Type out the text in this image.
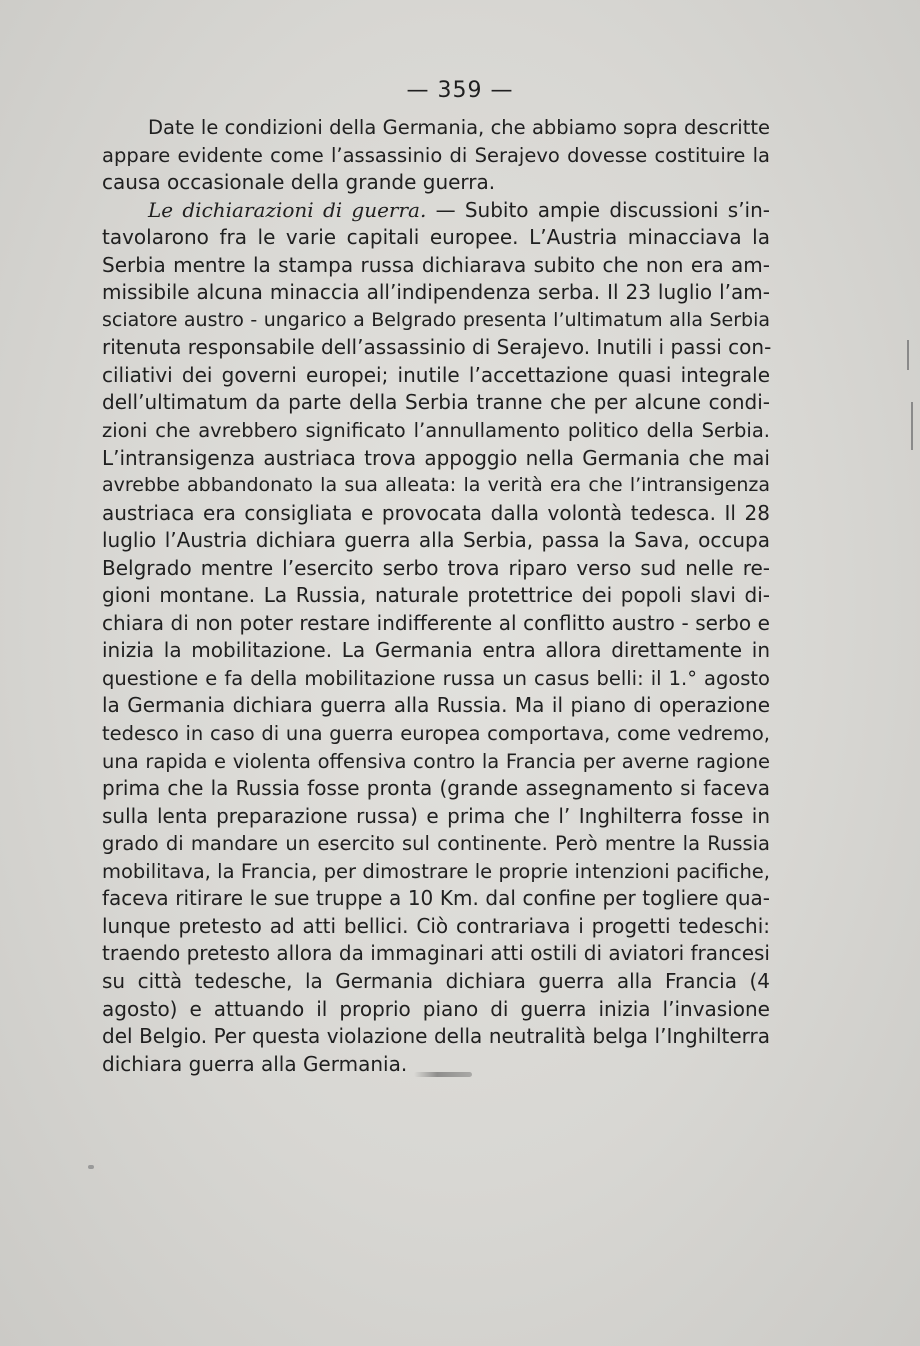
— 359 —
Date le condizioni della Germania, che abbiamo sopra descritte
appare evidente come l’assassinio di Serajevo dovesse costituire la
causa occasionale della grande guerra.
Le dichiarazioni di guerra. — Subito ampie discussioni s’in-
tavolarono fra le varie capitali europee. L’Austria minacciava la
Serbia mentre la stampa russa dichiarava subito che non era am-
missibile alcuna minaccia all’indipendenza serba. Il 23 luglio l’am-
sciatore austro - ungarico a Belgrado presenta l’ultimatum alla Serbia
ritenuta responsabile dell’assassinio di Serajevo. Inutili i passi con-
ciliativi dei governi europei; inutile l’accettazione quasi integrale
dell’ultimatum da parte della Serbia tranne che per alcune condi-
zioni che avrebbero significato l’annullamento politico della Serbia.
L’intransigenza austriaca trova appoggio nella Germania che mai
avrebbe abbandonato la sua alleata: la verità era che l’intransigenza
austriaca era consigliata e provocata dalla volontà tedesca. Il 28
luglio l’Austria dichiara guerra alla Serbia, passa la Sava, occupa
Belgrado mentre l’esercito serbo trova riparo verso sud nelle re-
gioni montane. La Russia, naturale protettrice dei popoli slavi di-
chiara di non poter restare indifferente al conflitto austro - serbo e
inizia la mobilitazione. La Germania entra allora direttamente in
questione e fa della mobilitazione russa un casus belli: il 1.° agosto
la Germania dichiara guerra alla Russia. Ma il piano di operazione
tedesco in caso di una guerra europea comportava, come vedremo,
una rapida e violenta offensiva contro la Francia per averne ragione
prima che la Russia fosse pronta (grande assegnamento si faceva
sulla lenta preparazione russa) e prima che l’ Inghilterra fosse in
grado di mandare un esercito sul continente. Però mentre la Russia
mobilitava, la Francia, per dimostrare le proprie intenzioni pacifiche,
faceva ritirare le sue truppe a 10 Km. dal confine per togliere qua-
lunque pretesto ad atti bellici. Ciò contrariava i progetti tedeschi:
traendo pretesto allora da immaginari atti ostili di aviatori francesi
su città tedesche, la Germania dichiara guerra alla Francia (4
agosto) e attuando il proprio piano di guerra inizia l’invasione
del Belgio. Per questa violazione della neutralità belga l’Inghilterra
dichiara guerra alla Germania.
